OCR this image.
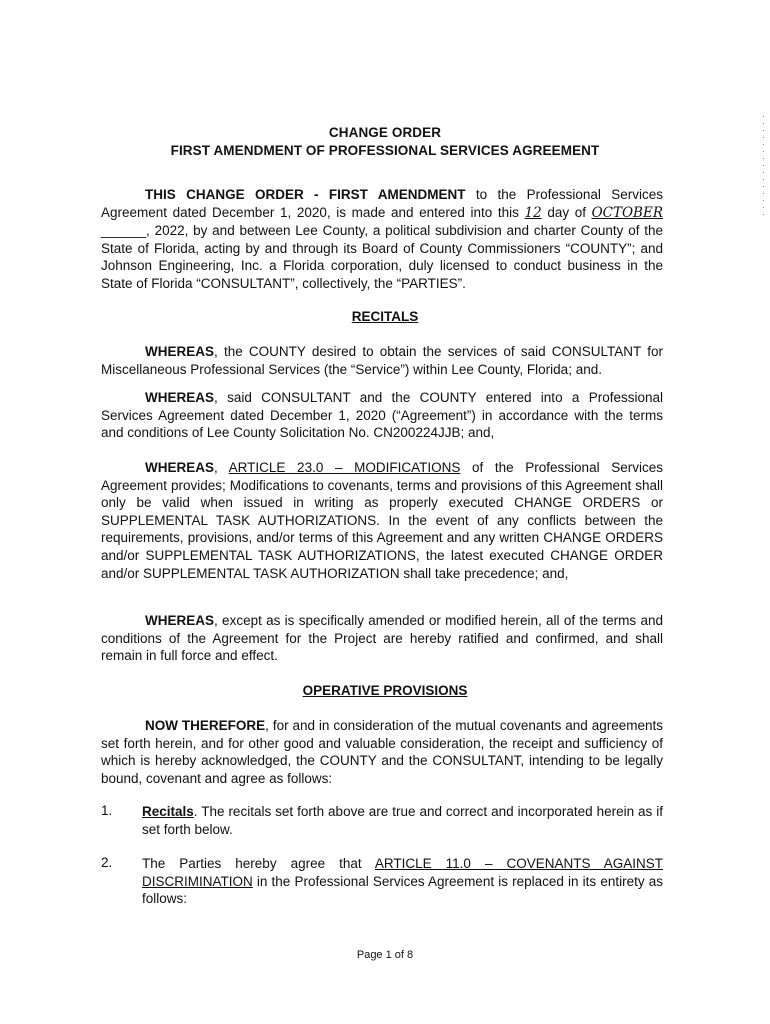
CHANGE ORDER
FIRST AMENDMENT OF PROFESSIONAL SERVICES AGREEMENT
THIS CHANGE ORDER - FIRST AMENDMENT to the Professional Services Agreement dated December 1, 2020, is made and entered into this 12 day of OCTOBER ______, 2022, by and between Lee County, a political subdivision and charter County of the State of Florida, acting by and through its Board of County Commissioners “COUNTY”; and Johnson Engineering, Inc. a Florida corporation, duly licensed to conduct business in the State of Florida “CONSULTANT”, collectively, the “PARTIES”.
RECITALS
WHEREAS, the COUNTY desired to obtain the services of said CONSULTANT for Miscellaneous Professional Services (the “Service”) within Lee County, Florida; and.
WHEREAS, said CONSULTANT and the COUNTY entered into a Professional Services Agreement dated December 1, 2020 (“Agreement”) in accordance with the terms and conditions of Lee County Solicitation No. CN200224JJB; and,
WHEREAS, ARTICLE 23.0 – MODIFICATIONS of the Professional Services Agreement provides; Modifications to covenants, terms and provisions of this Agreement shall only be valid when issued in writing as properly executed CHANGE ORDERS or SUPPLEMENTAL TASK AUTHORIZATIONS. In the event of any conflicts between the requirements, provisions, and/or terms of this Agreement and any written CHANGE ORDERS and/or SUPPLEMENTAL TASK AUTHORIZATIONS, the latest executed CHANGE ORDER and/or SUPPLEMENTAL TASK AUTHORIZATION shall take precedence; and,
WHEREAS, except as is specifically amended or modified herein, all of the terms and conditions of the Agreement for the Project are hereby ratified and confirmed, and shall remain in full force and effect.
OPERATIVE PROVISIONS
NOW THEREFORE, for and in consideration of the mutual covenants and agreements set forth herein, and for other good and valuable consideration, the receipt and sufficiency of which is hereby acknowledged, the COUNTY and the CONSULTANT, intending to be legally bound, covenant and agree as follows:
1. Recitals. The recitals set forth above are true and correct and incorporated herein as if set forth below.
2. The Parties hereby agree that ARTICLE 11.0 – COVENANTS AGAINST DISCRIMINATION in the Professional Services Agreement is replaced in its entirety as follows:
Page 1 of 8
